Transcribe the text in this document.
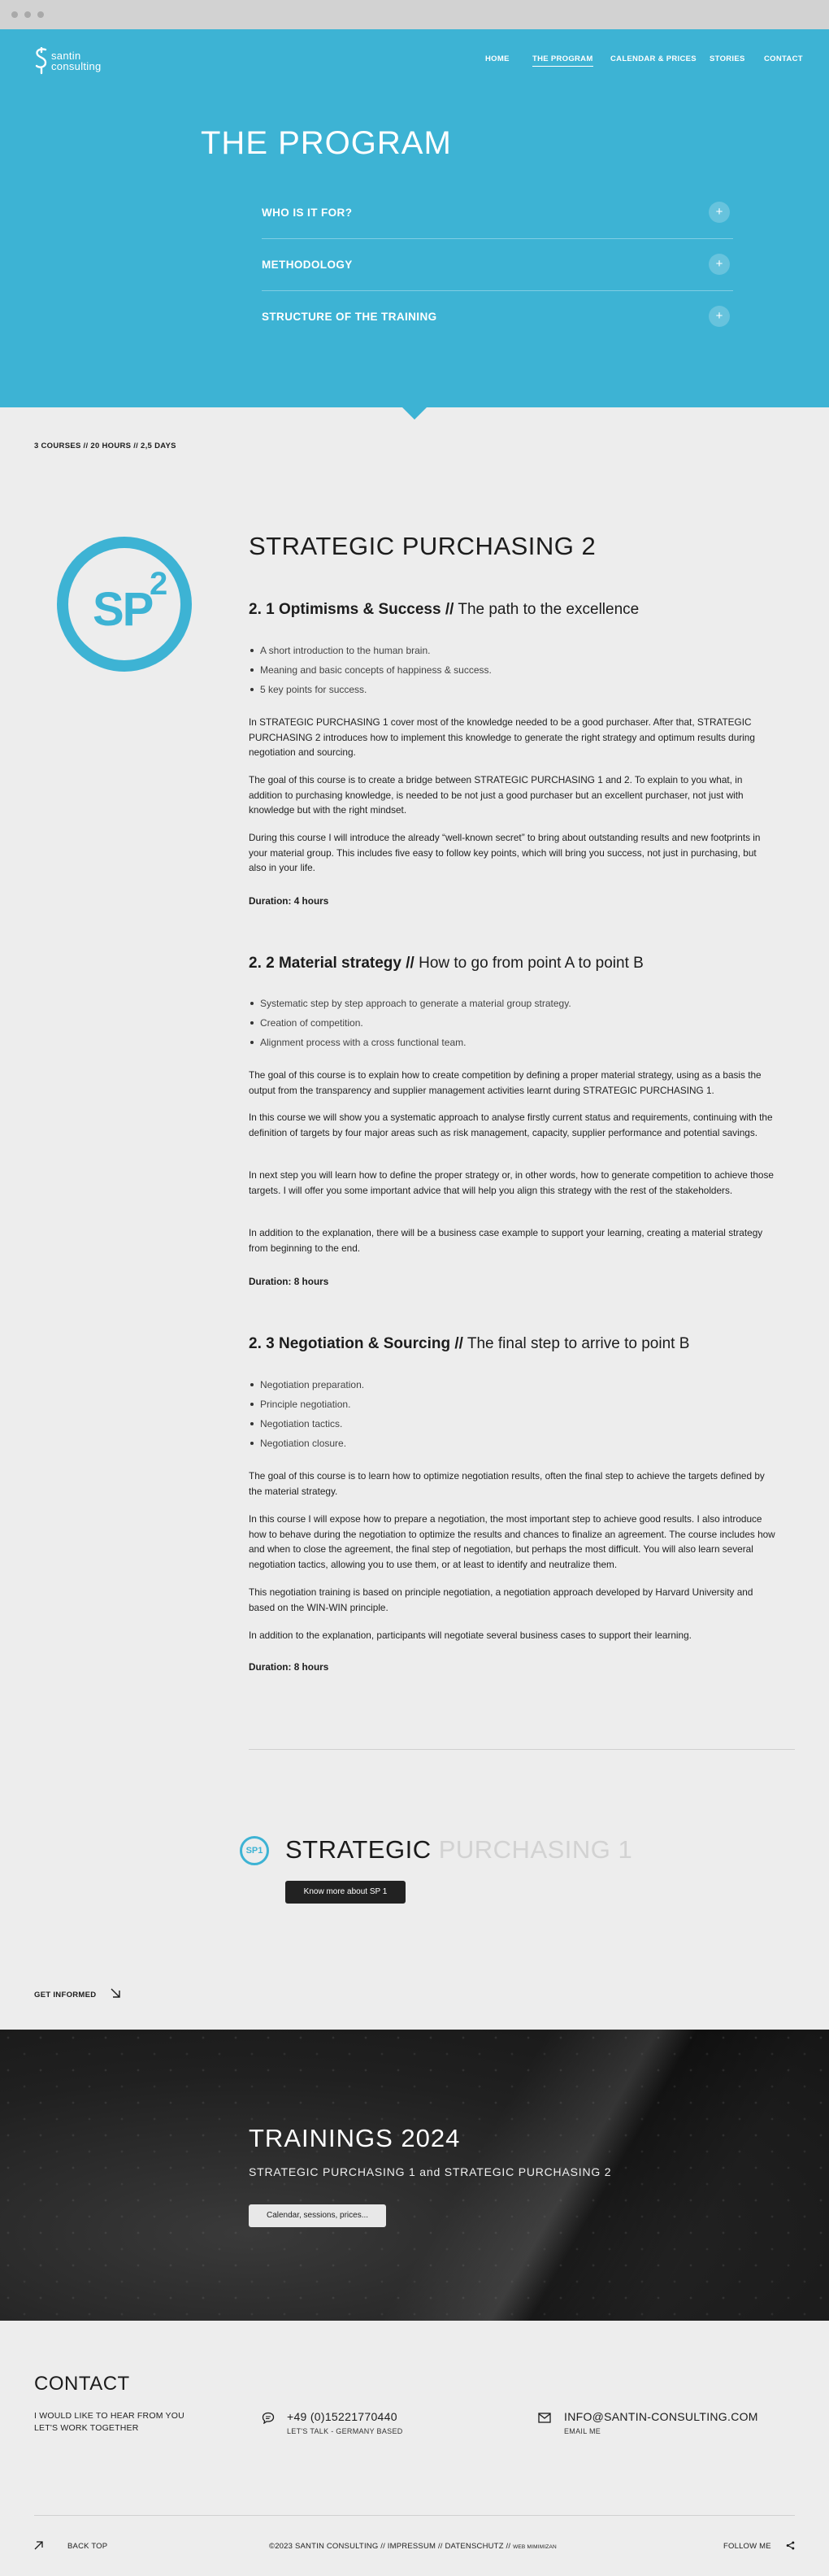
santin
consulting
HOME	THE PROGRAM CALENDAR & PRICES STORIES CONTACT
THE PROGRAM
WHO IS IT FOR?	+
METHODOLOGY	+
STRUCTURE OF THE TRAINING	+
3 COURSES // 20 HOURS // 2,5 DAYS
SP
2
STRATEGIC PURCHASING 2
2. 1 Optimisms & Success // The path to the excellence
A short introduction to the human brain.
Meaning and basic concepts of happiness & success.
5 key points for success.

In STRATEGIC PURCHASING 1 cover most of the knowledge needed to be a good purchaser. After that, STRATEGIC PURCHASING 2 introduces how to implement this knowledge to generate the right strategy and optimum results during negotiation and sourcing.

The goal of this course is to create a bridge between STRATEGIC PURCHASING 1 and 2. To explain to you what, in addition to purchasing knowledge, is needed to be not just a good purchaser but an excellent purchaser, not just with knowledge but with the right mindset.

During this course I will introduce the already “well-known secret” to bring about outstanding results and new footprints in your material group. This includes five easy to follow key points, which will bring you success, not just in purchasing, but also in your life.

Duration: 4 hours
2. 2 Material strategy // How to go from point A to point B
Systematic step by step approach to generate a material group strategy.
Creation of competition.
Alignment process with a cross functional team.

The goal of this course is to explain how to create competition by defining a proper material strategy, using as a basis the output from the transparency and supplier management activities learnt during STRATEGIC PURCHASING 1.

In this course we will show you a systematic approach to analyse firstly current status and requirements, continuing with the definition of targets by four major areas such as risk management, capacity, supplier performance and potential savings.

In next step you will learn how to define the proper strategy or, in other words, how to generate competition to achieve those targets. I will offer you some important advice that will help you align this strategy with the rest of the stakeholders.

In addition to the explanation, there will be a business case example to support your learning, creating a material strategy from beginning to the end.

Duration: 8 hours
2. 3 Negotiation & Sourcing // The final step to arrive to point B
Negotiation preparation.
Principle negotiation.
Negotiation tactics.
Negotiation closure.

The goal of this course is to learn how to optimize negotiation results, often the final step to achieve the targets defined by the material strategy.

In this course I will expose how to prepare a negotiation, the most important step to achieve good results. I also introduce how to behave during the negotiation to optimize the results and chances to finalize an agreement. The course includes how and when to close the agreement, the final step of negotiation, but perhaps the most difficult. You will also learn several negotiation tactics, allowing you to use them, or at least to identify and neutralize them.

This negotiation training is based on principle negotiation, a negotiation approach developed by Harvard University and based on the WIN-WIN principle.

In addition to the explanation, participants will negotiate several business cases to support their learning.

Duration: 8 hours
SP1 STRATEGIC PURCHASING 1
Know more about SP 1
GET INFORMED
TRAININGS 2024
STRATEGIC PURCHASING 1 and STRATEGIC PURCHASING 2
Calendar, sessions, prices...
CONTACT
I WOULD LIKE TO HEAR FROM YOU LET'S WORK TOGETHER
+49 (0)15221770440
LET'S TALK - GERMANY BASED
INFO@SANTIN-CONSULTING.COM
EMAIL ME
BACK TOP	©2023 SANTIN CONSULTING // IMPRESSUM // DATENSCHUTZ // WEB MIMIMIZAN	FOLLOW ME
